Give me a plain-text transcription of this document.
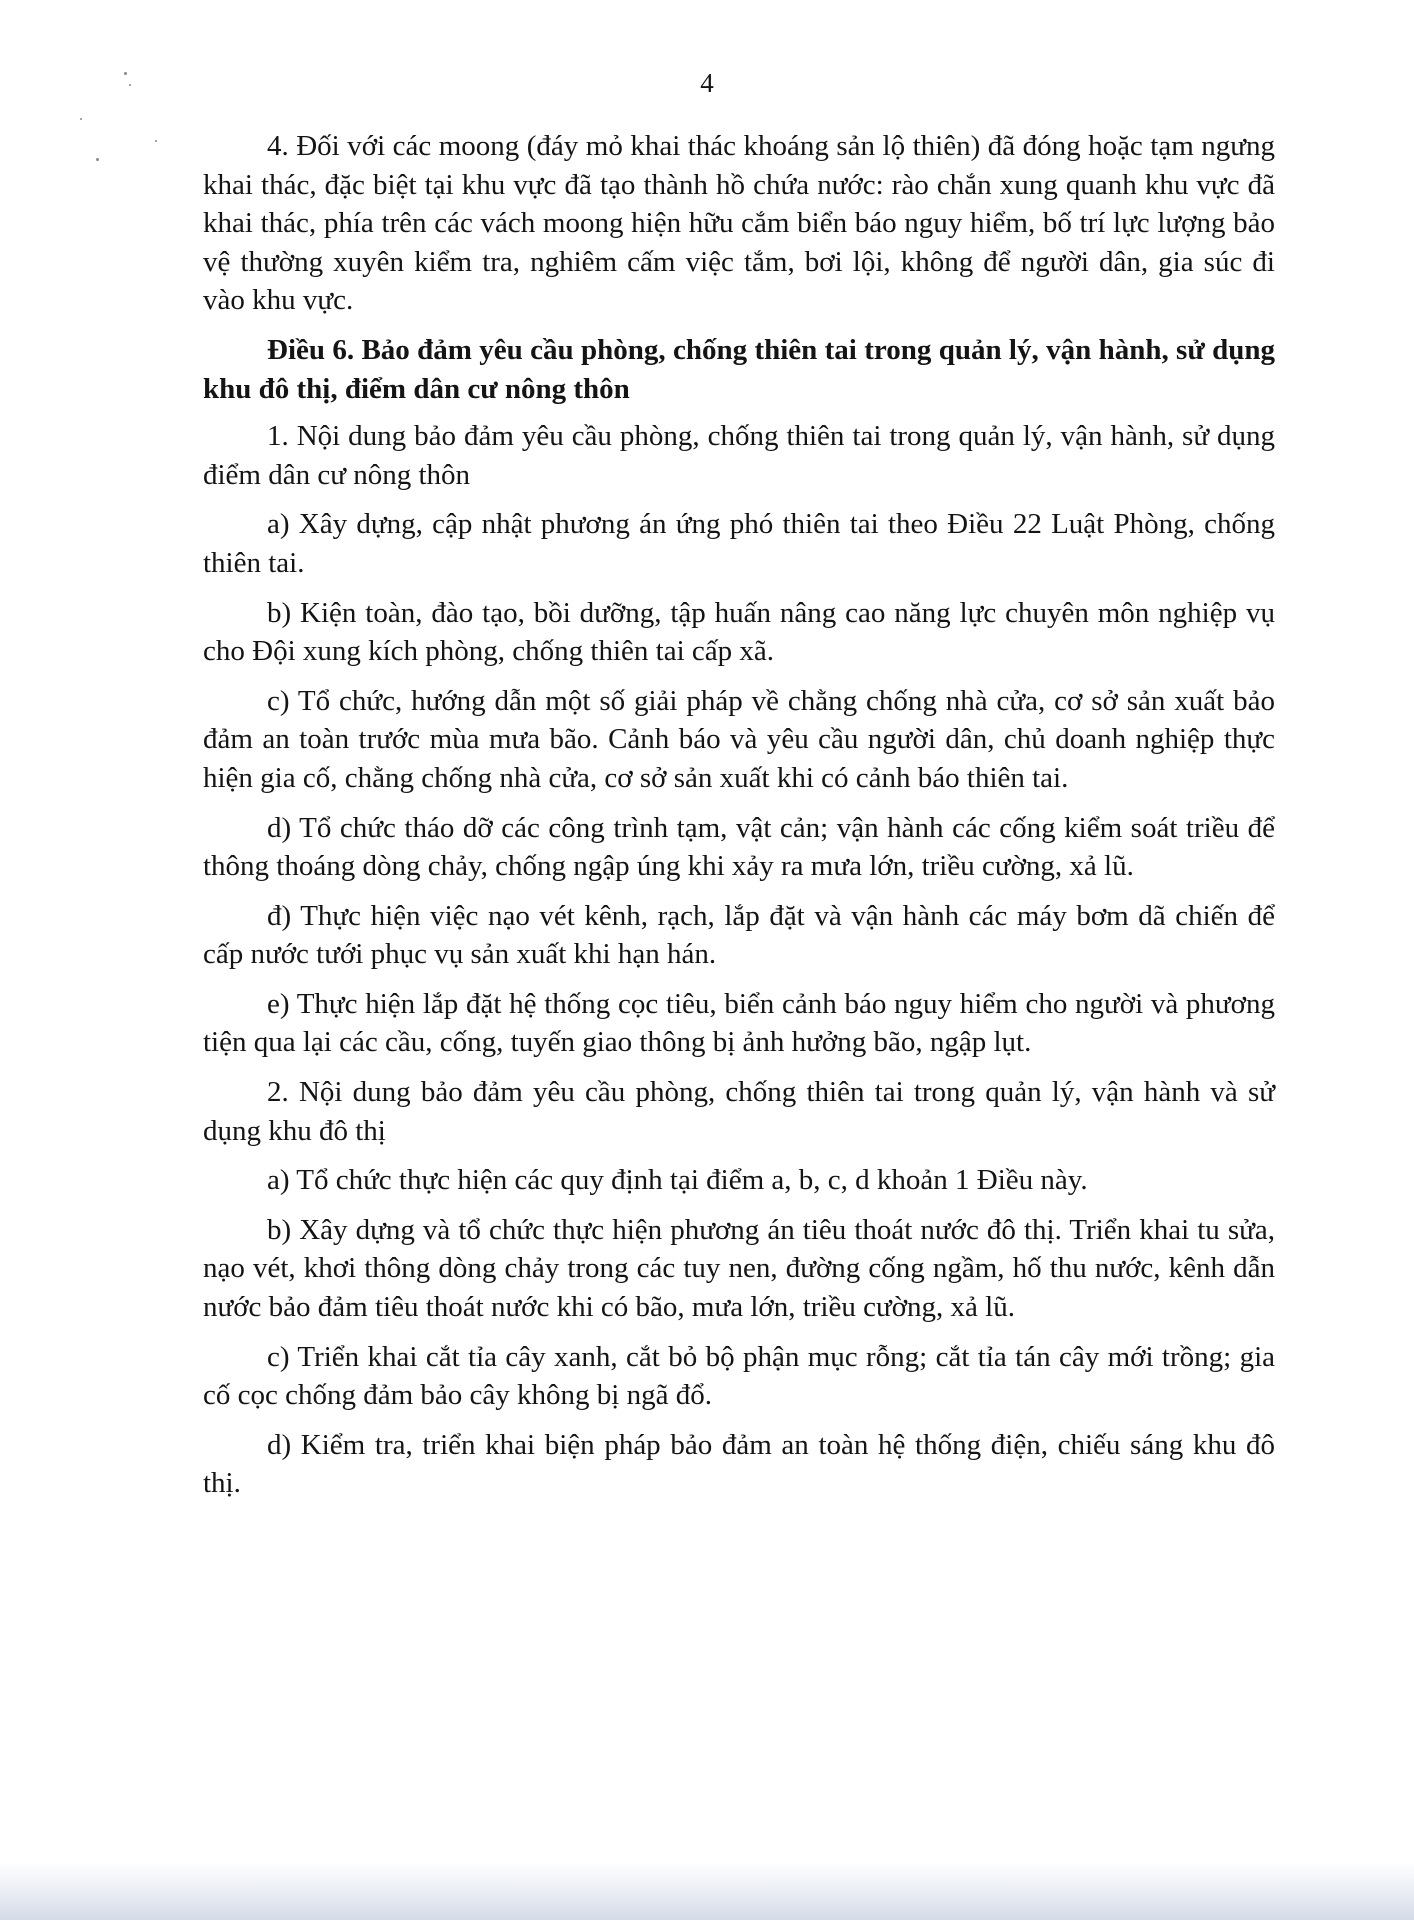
4

4. Đối với các moong (đáy mỏ khai thác khoáng sản lộ thiên) đã đóng hoặc tạm ngưng khai thác, đặc biệt tại khu vực đã tạo thành hồ chứa nước: rào chắn xung quanh khu vực đã khai thác, phía trên các vách moong hiện hữu cắm biển báo nguy hiểm, bố trí lực lượng bảo vệ thường xuyên kiểm tra, nghiêm cấm việc tắm, bơi lội, không để người dân, gia súc đi vào khu vực.

Điều 6. Bảo đảm yêu cầu phòng, chống thiên tai trong quản lý, vận hành, sử dụng khu đô thị, điểm dân cư nông thôn

1. Nội dung bảo đảm yêu cầu phòng, chống thiên tai trong quản lý, vận hành, sử dụng điểm dân cư nông thôn

a) Xây dựng, cập nhật phương án ứng phó thiên tai theo Điều 22 Luật Phòng, chống thiên tai.

b) Kiện toàn, đào tạo, bồi dưỡng, tập huấn nâng cao năng lực chuyên môn nghiệp vụ cho Đội xung kích phòng, chống thiên tai cấp xã.

c) Tổ chức, hướng dẫn một số giải pháp về chằng chống nhà cửa, cơ sở sản xuất bảo đảm an toàn trước mùa mưa bão. Cảnh báo và yêu cầu người dân, chủ doanh nghiệp thực hiện gia cố, chằng chống nhà cửa, cơ sở sản xuất khi có cảnh báo thiên tai.

d) Tổ chức tháo dỡ các công trình tạm, vật cản; vận hành các cống kiểm soát triều để thông thoáng dòng chảy, chống ngập úng khi xảy ra mưa lớn, triều cường, xả lũ.

đ) Thực hiện việc nạo vét kênh, rạch, lắp đặt và vận hành các máy bơm dã chiến để cấp nước tưới phục vụ sản xuất khi hạn hán.

e) Thực hiện lắp đặt hệ thống cọc tiêu, biển cảnh báo nguy hiểm cho người và phương tiện qua lại các cầu, cống, tuyến giao thông bị ảnh hưởng bão, ngập lụt.

2. Nội dung bảo đảm yêu cầu phòng, chống thiên tai trong quản lý, vận hành và sử dụng khu đô thị

a) Tổ chức thực hiện các quy định tại điểm a, b, c, d khoản 1 Điều này.

b) Xây dựng và tổ chức thực hiện phương án tiêu thoát nước đô thị. Triển khai tu sửa, nạo vét, khơi thông dòng chảy trong các tuy nen, đường cống ngầm, hố thu nước, kênh dẫn nước bảo đảm tiêu thoát nước khi có bão, mưa lớn, triều cường, xả lũ.

c) Triển khai cắt tỉa cây xanh, cắt bỏ bộ phận mục rỗng; cắt tỉa tán cây mới trồng; gia cố cọc chống đảm bảo cây không bị ngã đổ.

d) Kiểm tra, triển khai biện pháp bảo đảm an toàn hệ thống điện, chiếu sáng khu đô thị.
